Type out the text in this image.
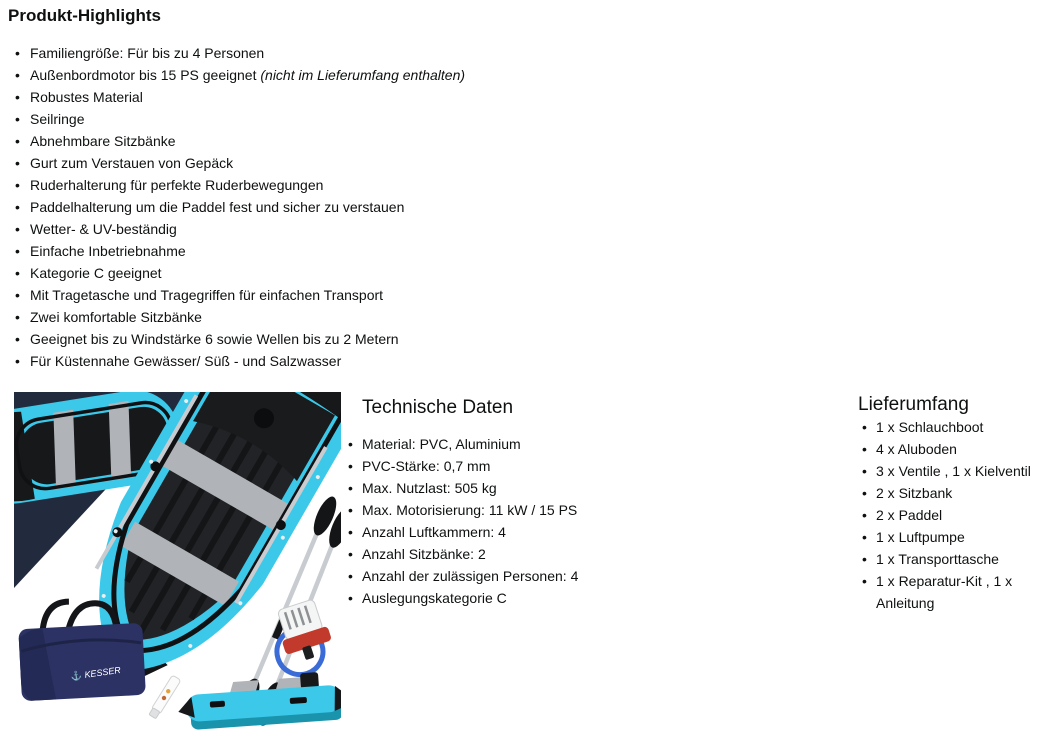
Produkt-Highlights
• Familiengröße: Für bis zu 4 Personen
• Außenbordmotor bis 15 PS geeignet (nicht im Lieferumfang enthalten)
• Robustes Material
• Seilringe
• Abnehmbare Sitzbänke
• Gurt zum Verstauen von Gepäck
• Ruderhalterung für perfekte Ruderbewegungen
• Paddelhalterung um die Paddel fest und sicher zu verstauen
• Wetter- & UV-beständig
• Einfache Inbetriebnahme
• Kategorie C geeignet
• Mit Tragetasche und Tragegriffen für einfachen Transport
• Zwei komfortable Sitzbänke
• Geeignet bis zu Windstärke 6 sowie Wellen bis zu 2 Metern
• Für Küstennahe Gewässer/ Süß - und Salzwasser
⚓ KESSER
Technische Daten
• Material: PVC, Aluminium
• PVC-Stärke: 0,7 mm
• Max. Nutzlast: 505 kg
• Max. Motorisierung: 11 kW / 15 PS
• Anzahl Luftkammern: 4
• Anzahl Sitzbänke: 2
• Anzahl der zulässigen Personen: 4
• Auslegungskategorie C
Lieferumfang
• 1 x Schlauchboot
• 4 x Aluboden
• 3 x Ventile , 1 x Kielventil
• 2 x Sitzbank
• 2 x Paddel
• 1 x Luftpumpe
• 1 x Transporttasche
• 1 x Reparatur-Kit , 1 x Anleitung
